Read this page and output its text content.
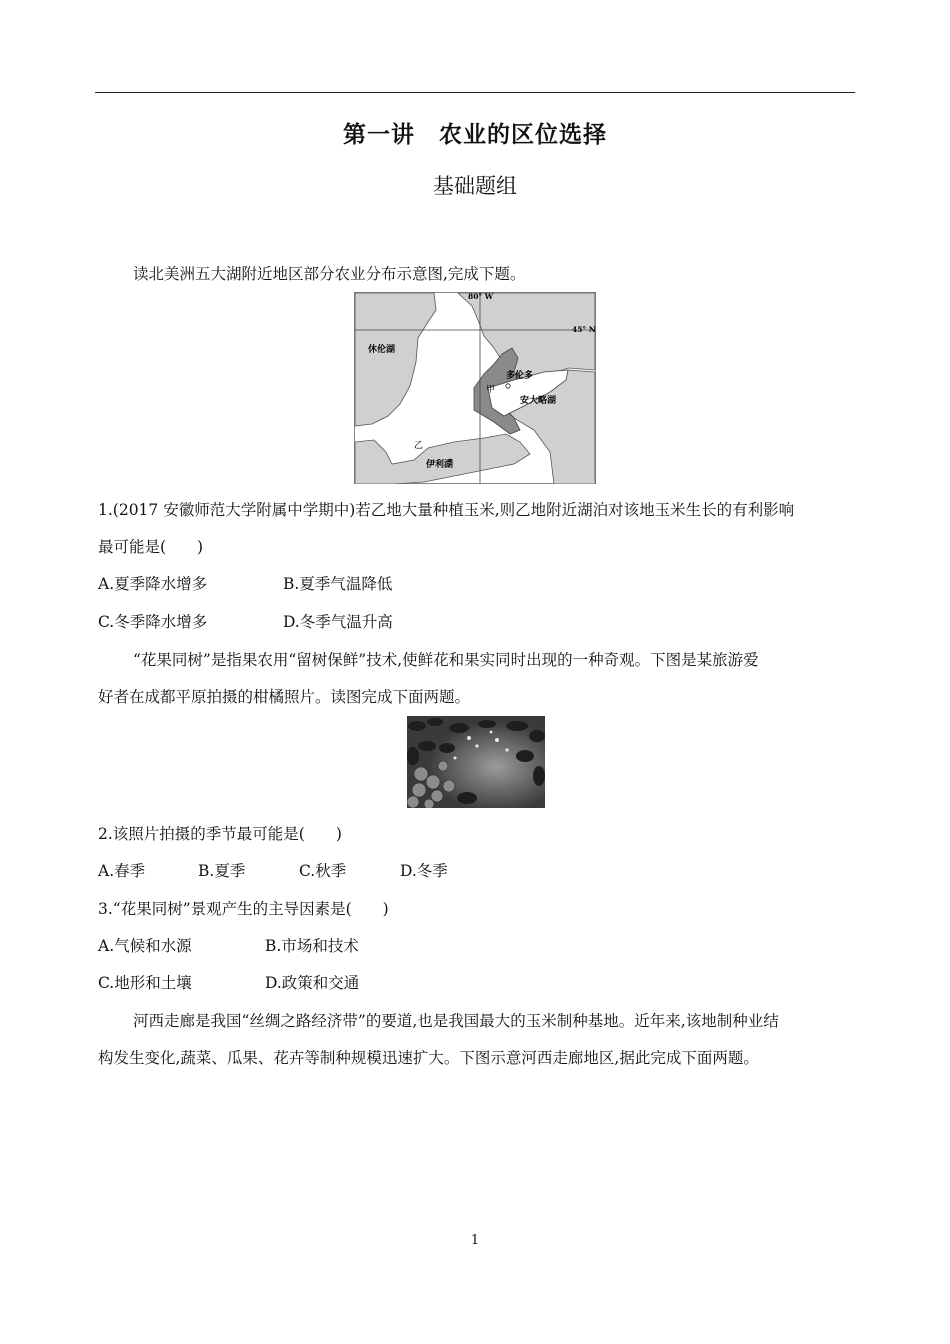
第一讲　农业的区位选择
基础题组
读北美洲五大湖附近地区部分农业分布示意图,完成下题。
80° W
45° N
休伦湖
多伦多
甲
安大略湖
乙
伊利湖
1.(2017 安徽师范大学附属中学期中)若乙地大量种植玉米,则乙地附近湖泊对该地玉米生长的有利影响
最可能是(　　)
A.夏季降水增多	B.夏季气温降低
C.冬季降水增多	D.冬季气温升高
“花果同树”是指果农用“留树保鲜”技术,使鲜花和果实同时出现的一种奇观。下图是某旅游爱
好者在成都平原拍摄的柑橘照片。读图完成下面两题。
2.该照片拍摄的季节最可能是(　　)
A.春季	B.夏季	C.秋季	D.冬季
3.“花果同树”景观产生的主导因素是(　　)
A.气候和水源	B.市场和技术
C.地形和土壤	D.政策和交通
河西走廊是我国“丝绸之路经济带”的要道,也是我国最大的玉米制种基地。近年来,该地制种业结
构发生变化,蔬菜、瓜果、花卉等制种规模迅速扩大。下图示意河西走廊地区,据此完成下面两题。
1
